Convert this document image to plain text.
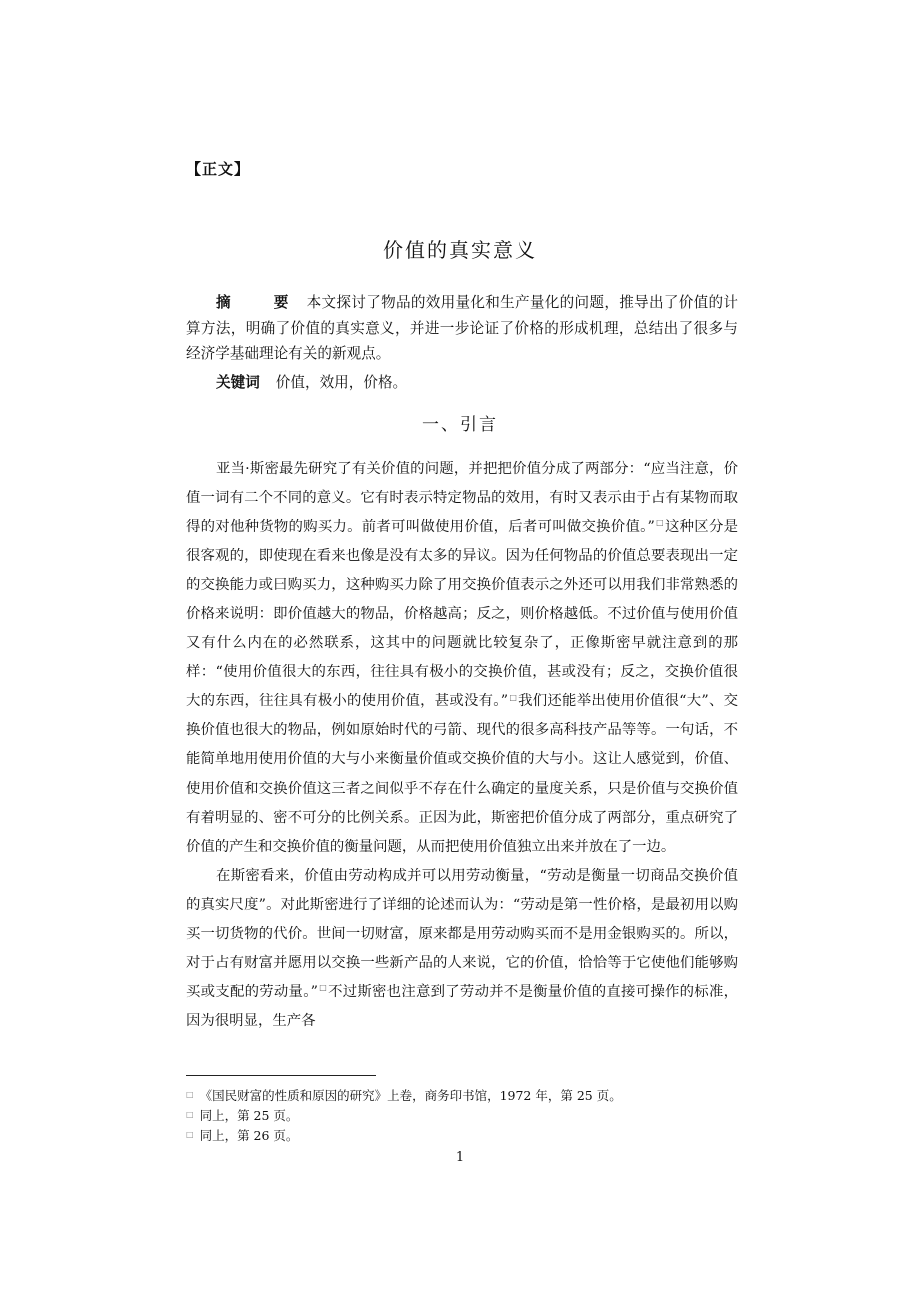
【正文】
价值的真实意义

摘　要 本文探讨了物品的效用量化和生产量化的问题，推导出了价值的计算方法，明确了价值的真实意义，并进一步论证了价格的形成机理，总结出了很多与经济学基础理论有关的新观点。

关键词 价值，效用，价格。

一、引言

亚当·斯密最先研究了有关价值的问题，并把把价值分成了两部分：“应当注意，价值一词有二个不同的意义。它有时表示特定物品的效用，有时又表示由于占有某物而取得的对他种货物的购买力。前者可叫做使用价值，后者可叫做交换价值。”□这种区分是很客观的，即使现在看来也像是没有太多的异议。因为任何物品的价值总要表现出一定的交换能力或曰购买力，这种购买力除了用交换价值表示之外还可以用我们非常熟悉的价格来说明：即价值越大的物品，价格越高；反之，则价格越低。不过价值与使用价值又有什么内在的必然联系，这其中的问题就比较复杂了，正像斯密早就注意到的那样：“使用价值很大的东西，往往具有极小的交换价值，甚或没有；反之，交换价值很大的东西，往往具有极小的使用价值，甚或没有。”□我们还能举出使用价值很“大”、交换价值也很大的物品，例如原始时代的弓箭、现代的很多高科技产品等等。一句话，不能简单地用使用价值的大与小来衡量价值或交换价值的大与小。这让人感觉到，价值、使用价值和交换价值这三者之间似乎不存在什么确定的量度关系，只是价值与交换价值有着明显的、密不可分的比例关系。正因为此，斯密把价值分成了两部分，重点研究了价值的产生和交换价值的衡量问题，从而把使用价值独立出来并放在了一边。

在斯密看来，价值由劳动构成并可以用劳动衡量，“劳动是衡量一切商品交换价值的真实尺度”。对此斯密进行了详细的论述而认为：“劳动是第一性价格，是最初用以购买一切货物的代价。世间一切财富，原来都是用劳动购买而不是用金银购买的。所以，对于占有财富并愿用以交换一些新产品的人来说，它的价值，恰恰等于它使他们能够购买或支配的劳动量。”□不过斯密也注意到了劳动并不是衡量价值的直接可操作的标准，因为很明显，生产各

□ 《国民财富的性质和原因的研究》上卷，商务印书馆，1972 年，第 25 页。

□ 同上，第 25 页。

□ 同上，第 26 页。

1
